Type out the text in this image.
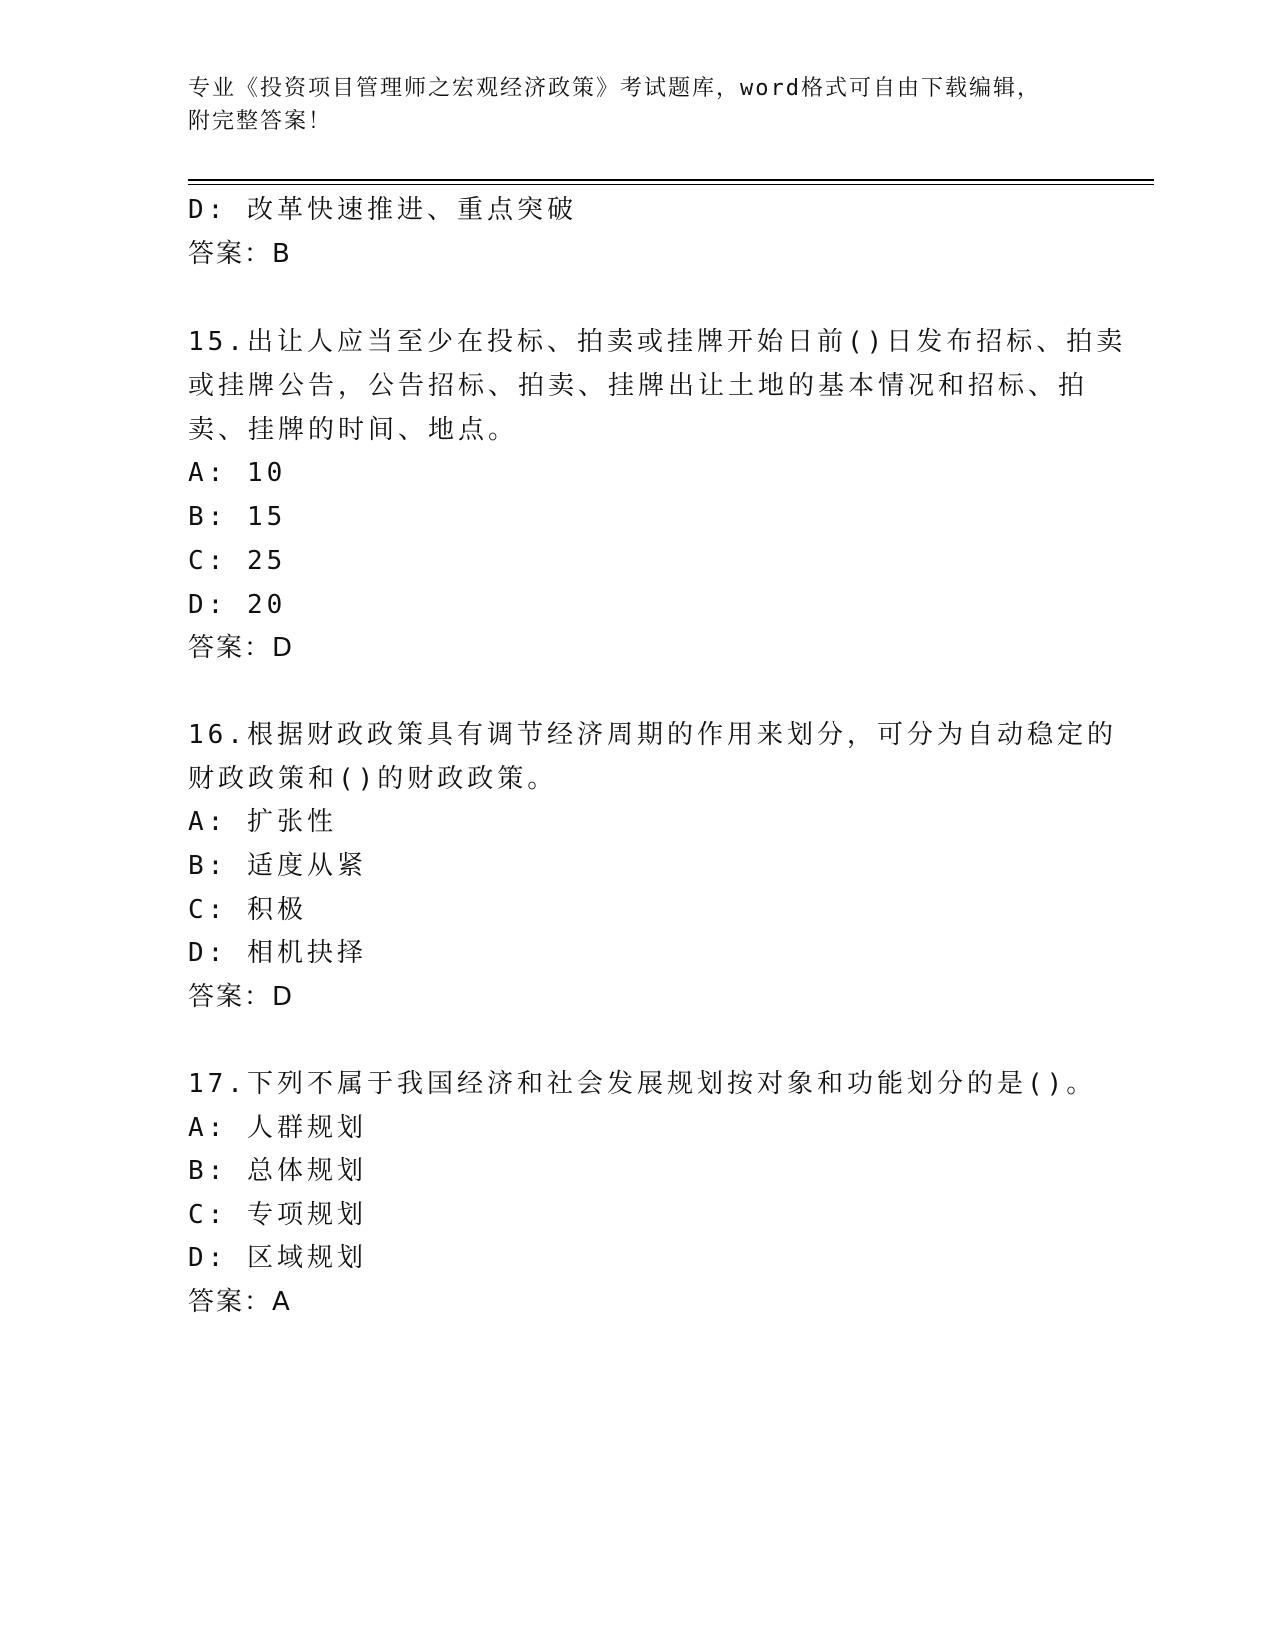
专业《投资项目管理师之宏观经济政策》考试题库，word格式可自由下载编辑，
附完整答案！
D: 改革快速推进、重点突破
答案：B
15.出让人应当至少在投标、拍卖或挂牌开始日前()日发布招标、拍卖
或挂牌公告，公告招标、拍卖、挂牌出让土地的基本情况和招标、拍
卖、挂牌的时间、地点。
A: 10
B: 15
C: 25
D: 20
答案：D
16.根据财政政策具有调节经济周期的作用来划分，可分为自动稳定的
财政政策和()的财政政策。
A: 扩张性
B: 适度从紧
C: 积极
D: 相机抉择
答案：D
17.下列不属于我国经济和社会发展规划按对象和功能划分的是()。
A: 人群规划
B: 总体规划
C: 专项规划
D: 区域规划
答案：A
